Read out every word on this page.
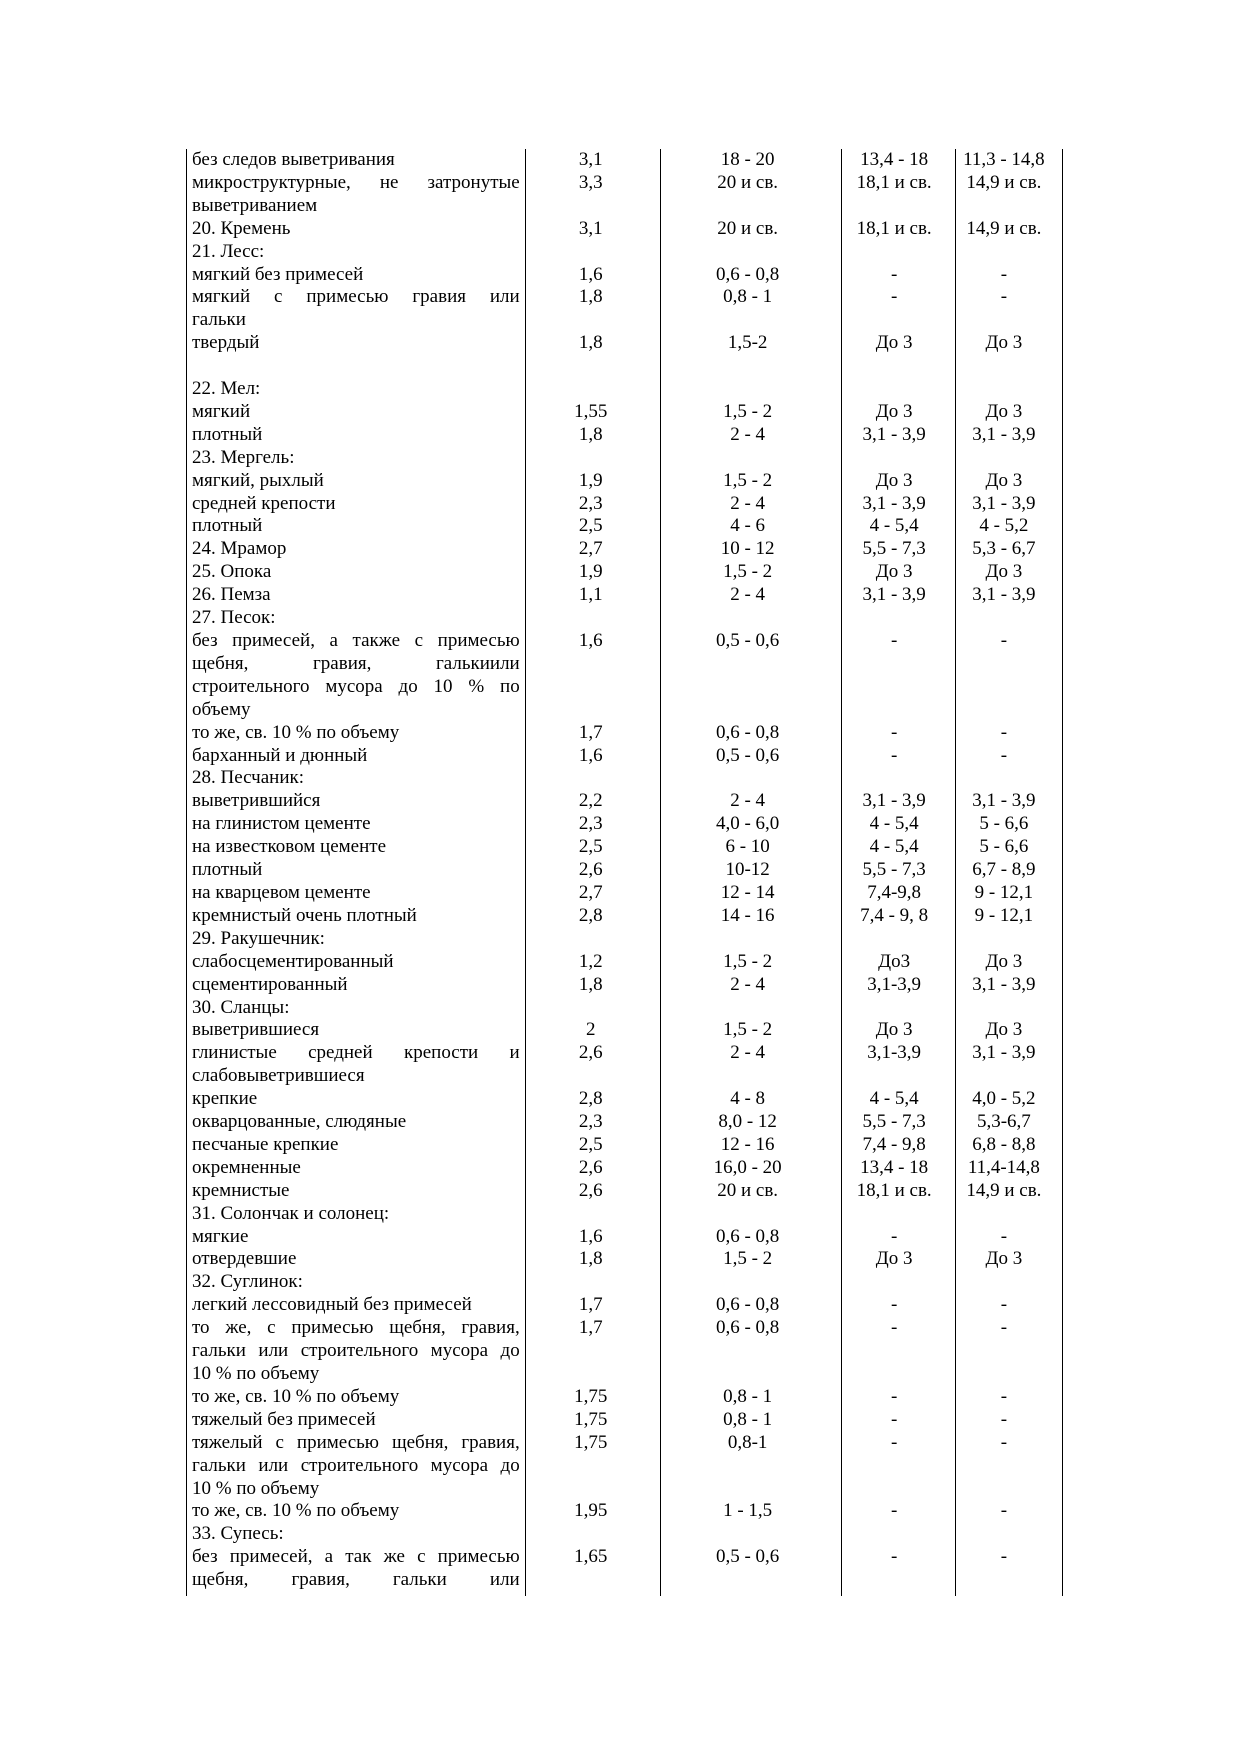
без следов выветривания	3,1	18 - 20	13,4 - 18	11,3 - 14,8
микроструктурные, не затронутые
выветриванием
3,3	20 и св.	18,1 и св.	14,9 и св.
20. Кремень	3,1	20 и св.	18,1 и св.	14,9 и св.
21. Лесс:
мягкий без примесей	1,6	0,6 - 0,8	-	-
мягкий с примесью гравия или
гальки
1,8	0,8 - 1	-	-
твердый	1,8	1,5-2	До 3	До 3
22. Мел:
мягкий	1,55	1,5 - 2	До 3	До 3
плотный	1,8	2 - 4	3,1 - 3,9	3,1 - 3,9
23. Мергель:
мягкий, рыхлый	1,9	1,5 - 2	До 3	До 3
средней крепости	2,3	2 - 4	3,1 - 3,9	3,1 - 3,9
плотный	2,5	4 - 6	4 - 5,4	4 - 5,2
24. Мрамор	2,7	10 - 12	5,5 - 7,3	5,3 - 6,7
25. Опока	1,9	1,5 - 2	До 3	До 3
26. Пемза	1,1	2 - 4	3,1 - 3,9	3,1 - 3,9
27. Песок:
без примесей, а также с примесью
щебня, гравия, галькиили
строительного мусора до 10 % по
объему
1,6	0,5 - 0,6	-	-
то же, св. 10 % по объему	1,7	0,6 - 0,8	-	-
барханный и дюнный	1,6	0,5 - 0,6	-	-
28. Песчаник:
выветрившийся	2,2	2 - 4	3,1 - 3,9	3,1 - 3,9
на глинистом цементе	2,3	4,0 - 6,0	4 - 5,4	5 - 6,6
на известковом цементе	2,5	6 - 10	4 - 5,4	5 - 6,6
плотный	2,6	10-12	5,5 - 7,3	6,7 - 8,9
на кварцевом цементе	2,7	12 - 14	7,4-9,8	9 - 12,1
кремнистый очень плотный	2,8	14 - 16	7,4 - 9, 8	9 - 12,1
29. Ракушечник:
слабосцементированный	1,2	1,5 - 2	До3	До 3
сцементированный	1,8	2 - 4	3,1-3,9	3,1 - 3,9
30. Сланцы:
выветрившиеся	2	1,5 - 2	До 3	До 3
глинистые средней крепости и
слабовыветрившиеся
2,6	2 - 4	3,1-3,9	3,1 - 3,9
крепкие	2,8	4 - 8	4 - 5,4	4,0 - 5,2
окварцованные, слюдяные	2,3	8,0 - 12	5,5 - 7,3	5,3-6,7
песчаные крепкие	2,5	12 - 16	7,4 - 9,8	6,8 - 8,8
окремненные	2,6	16,0 - 20	13,4 - 18	11,4-14,8
кремнистые	2,6	20 и св.	18,1 и св.	14,9 и св.
31. Солончак и солонец:
мягкие	1,6	0,6 - 0,8	-	-
отвердевшие	1,8	1,5 - 2	До 3	До 3
32. Суглинок:
легкий лессовидный без примесей	1,7	0,6 - 0,8	-	-
то же, с примесью щебня, гравия,
гальки или строительного мусора до
10 % по объему
1,7	0,6 - 0,8	-	-
то же, св. 10 % по объему	1,75	0,8 - 1	-	-
тяжелый без примесей	1,75	0,8 - 1	-	-
тяжелый с примесью щебня, гравия,
гальки или строительного мусора до
10 % по объему
1,75	0,8-1	-	-
то же, св. 10 % по объему	1,95	1 - 1,5	-	-
33. Супесь:
без примесей, а так же с примесью
щебня, гравия, гальки или
1,65	0,5 - 0,6	-	-
